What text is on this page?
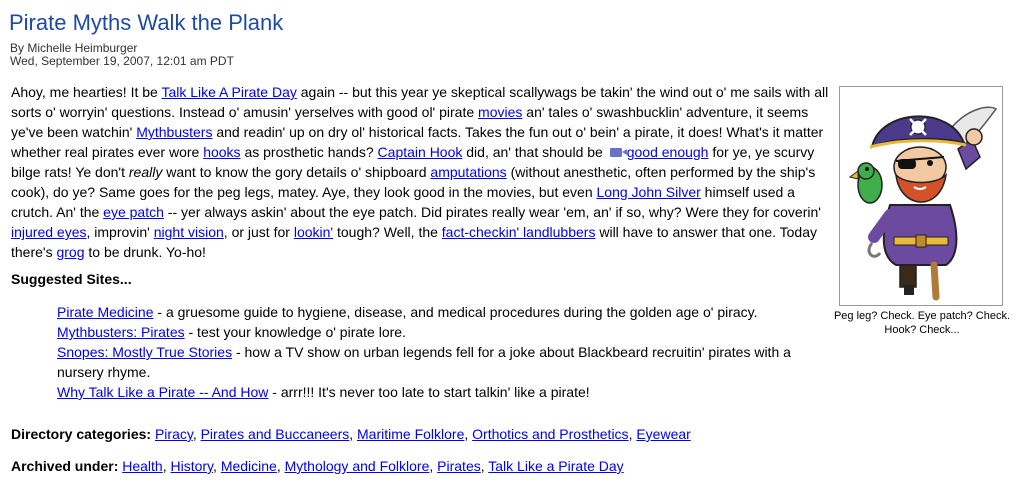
Pirate Myths Walk the Plank
By Michelle Heimburger
Wed, September 19, 2007, 12:01 am PDT

Ahoy, me hearties! It be Talk Like A Pirate Day again -- but this year ye skeptical scallywags be takin' the wind out o' me sails with all sorts o' worryin' questions. Instead o' amusin' yerselves with good ol' pirate movies an' tales o' swashbucklin' adventure, it seems ye've been watchin' Mythbusters and readin' up on dry ol' historical facts. Takes the fun out o' bein' a pirate, it does! What's it matter whether real pirates ever wore hooks as prosthetic hands? Captain Hook did, an' that should be good enough for ye, ye scurvy bilge rats! Ye don't really want to know the gory details o' shipboard amputations (without anesthetic, often performed by the ship's cook), do ye? Same goes for the peg legs, matey. Aye, they look good in the movies, but even Long John Silver himself used a crutch. An' the eye patch -- yer always askin' about the eye patch. Did pirates really wear 'em, an' if so, why? Were they for coverin' injured eyes, improvin' night vision, or just for lookin' tough? Well, the fact-checkin' landlubbers will have to answer that one. Today there's grog to be drunk. Yo-ho!

Suggested Sites...

Pirate Medicine - a gruesome guide to hygiene, disease, and medical procedures during the golden age o' piracy.

Mythbusters: Pirates - test your knowledge o' pirate lore.

Snopes: Mostly True Stories - how a TV show on urban legends fell for a joke about Blackbeard recruitin' pirates with a nursery rhyme.

Why Talk Like a Pirate -- And How - arrr!!! It's never too late to start talkin' like a pirate!

Directory categories: Piracy, Pirates and Buccaneers, Maritime Folklore, Orthotics and Prosthetics, Eyewear
Archived under: Health, History, Medicine, Mythology and Folklore, Pirates, Talk Like a Pirate Day
Peg leg? Check. Eye patch? Check. Hook? Check...
